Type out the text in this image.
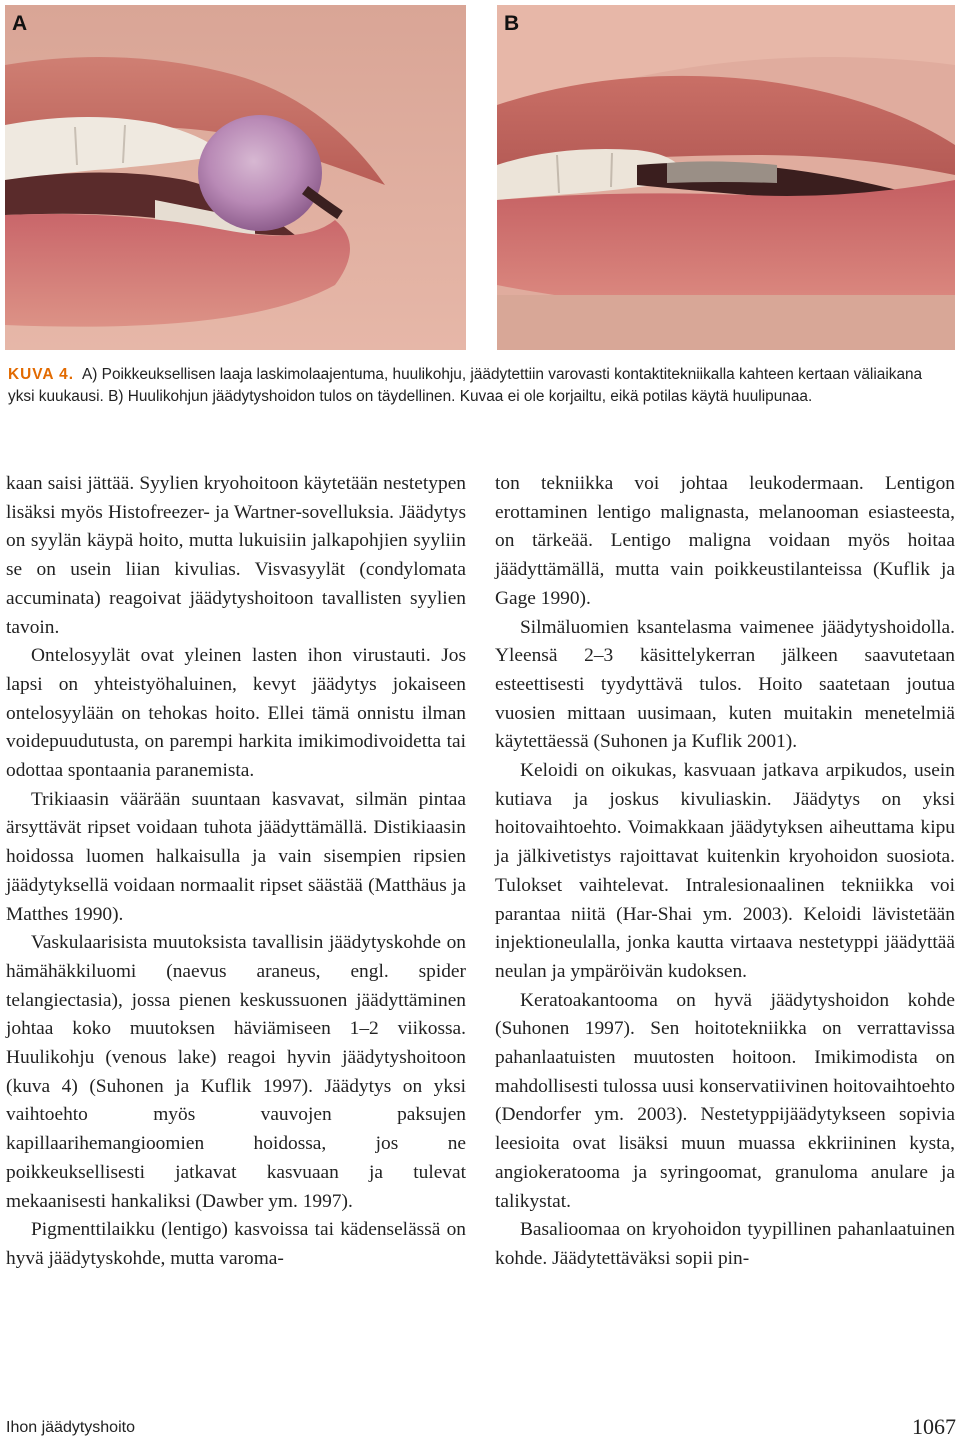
A	B

KUVA 4. A) Poikkeuksellisen laaja laskimolaajentuma, huulikohju, jäädytettiin varovasti kontaktitekniikalla kahteen kertaan väliaikana yksi kuukausi. B) Huulikohjun jäädytyshoidon tulos on täydellinen. Kuvaa ei ole korjailtu, eikä potilas käytä huulipunaa.

kaan saisi jättää. Syylien kryohoitoon käytetään nestetypen lisäksi myös Histofreezer- ja Wartner-sovelluksia. Jäädytys on syylän käypä hoito, mutta lukuisiin jalkapohjien syyliin se on usein liian kivulias. Visvasyylät (condylomata accuminata) reagoivat jäädytyshoitoon tavallisten syylien tavoin.

Ontelosyylät ovat yleinen lasten ihon virustauti. Jos lapsi on yhteistyöhaluinen, kevyt jäädytys jokaiseen ontelosyylään on tehokas hoito. Ellei tämä onnistu ilman voidepuudutusta, on parempi harkita imikimodivoidetta tai odottaa spontaania paranemista.

Trikiaasin väärään suuntaan kasvavat, silmän pintaa ärsyttävät ripset voidaan tuhota jäädyttämällä. Distikiaasin hoidossa luomen halkaisulla ja vain sisempien ripsien jäädytyksellä voidaan normaalit ripset säästää (Matthäus ja Matthes 1990).

Vaskulaarisista muutoksista tavallisin jäädytyskohde on hämähäkkiluomi (naevus araneus, engl. spider telangiectasia), jossa pienen keskussuonen jäädyttäminen johtaa koko muutoksen häviämiseen 1–2 viikossa. Huulikohju (venous lake) reagoi hyvin jäädytyshoitoon (kuva 4) (Suhonen ja Kuflik 1997). Jäädytys on yksi vaihtoehto myös vauvojen paksujen kapillaarihemangioomien hoidossa, jos ne poikkeuksellisesti jatkavat kasvuaan ja tulevat mekaanisesti hankaliksi (Dawber ym. 1997).

Pigmenttilaikku (lentigo) kasvoissa tai kädenselässä on hyvä jäädytyskohde, mutta varoma-

ton tekniikka voi johtaa leukodermaan. Lentigon erottaminen lentigo malignasta, melanooman esiasteesta, on tärkeää. Lentigo maligna voidaan myös hoitaa jäädyttämällä, mutta vain poikkeustilanteissa (Kuflik ja Gage 1990).

Silmäluomien ksantelasma vaimenee jäädytyshoidolla. Yleensä 2–3 käsittelykerran jälkeen saavutetaan esteettisesti tyydyttävä tulos. Hoito saatetaan joutua vuosien mittaan uusimaan, kuten muitakin menetelmiä käytettäessä (Suhonen ja Kuflik 2001).

Keloidi on oikukas, kasvuaan jatkava arpikudos, usein kutiava ja joskus kivuliaskin. Jäädytys on yksi hoitovaihtoehto. Voimakkaan jäädytyksen aiheuttama kipu ja jälkivetistys rajoittavat kuitenkin kryohoidon suosiota. Tulokset vaihtelevat. Intralesionaalinen tekniikka voi parantaa niitä (Har-Shai ym. 2003). Keloidi lävistetään injektioneulalla, jonka kautta virtaava nestetyppi jäädyttää neulan ja ympäröivän kudoksen.

Keratoakantooma on hyvä jäädytyshoidon kohde (Suhonen 1997). Sen hoitotekniikka on verrattavissa pahanlaatuisten muutosten hoitoon. Imikimodista on mahdollisesti tulossa uusi konservatiivinen hoitovaihtoehto (Dendorfer ym. 2003). Nestetyppijäädytykseen sopivia leesioita ovat lisäksi muun muassa ekkriininen kysta, angiokeratooma ja syringoomat, granuloma anulare ja talikystat.

Basalioomaa on kryohoidon tyypillinen pahanlaatuinen kohde. Jäädytettäväksi sopii pin-

Ihon jäädytyshoito	1067
